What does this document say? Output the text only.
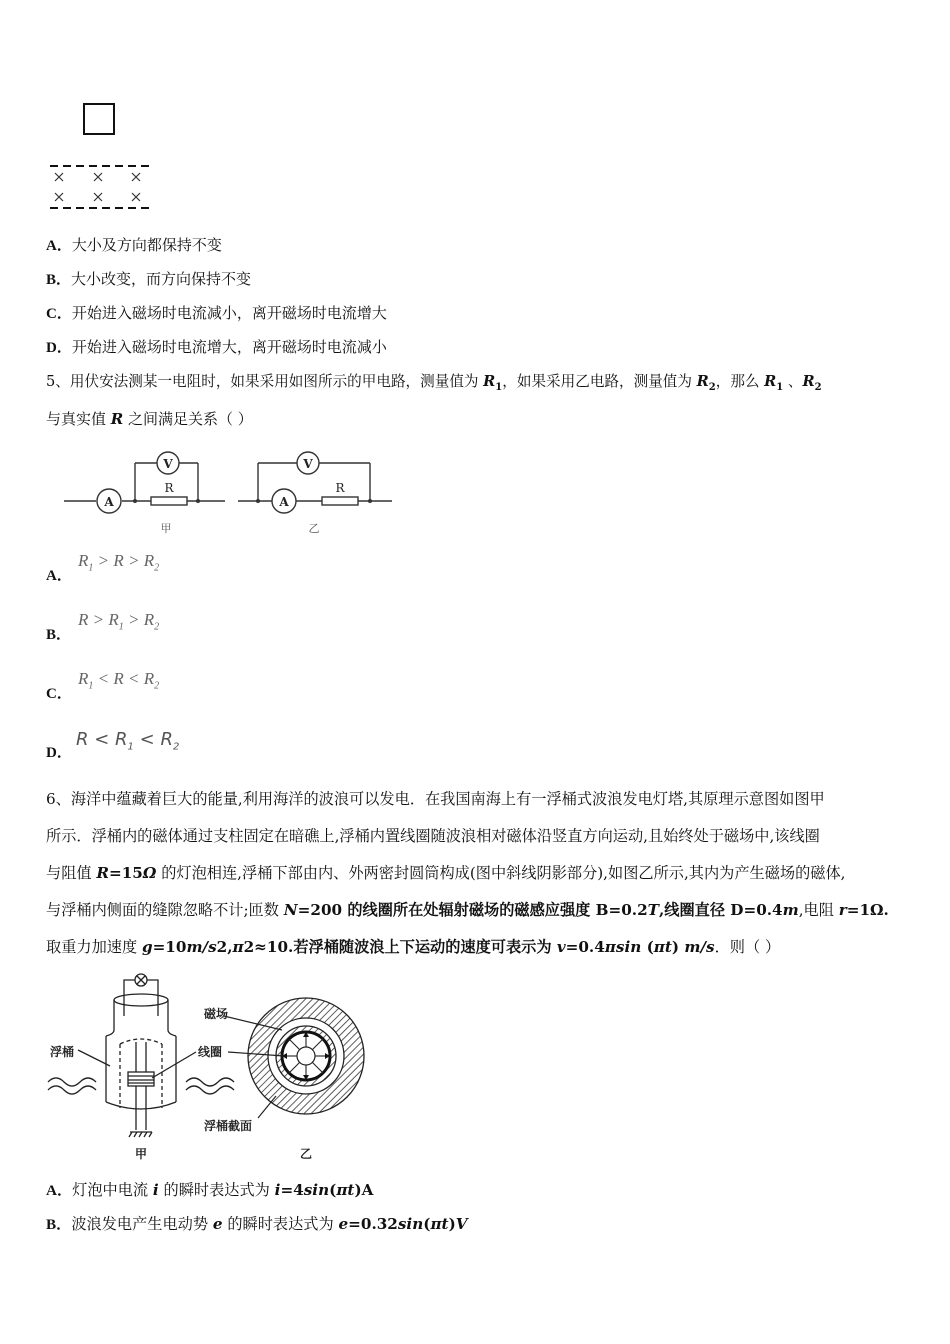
A．大小及方向都保持不变
B．大小改变，而方向保持不变
C．开始进入磁场时电流减小，离开磁场时电流增大
D．开始进入磁场时电流增大，离开磁场时电流减小
5、用伏安法测某一电阻时，如果采用如图所示的甲电路，测量值为 $R_1$，如果采用乙电路，测量值为 $R_2$，那么 $R_1$ 、$R_2$
与真实值 R 之间满足关系（ ）
A
V
R
甲
A
V
R
乙
A．
$R_1 > R > R_2$
B．
$R > R_1 > R_2$
C．
$R_1 < R < R_2$
D．
$R < R_1 < R_2$
6、海洋中蕴藏着巨大的能量,利用海洋的波浪可以发电．在我国南海上有一浮桶式波浪发电灯塔,其原理示意图如图甲
所示．浮桶内的磁体通过支柱固定在暗礁上,浮桶内置线圈随波浪相对磁体沿竖直方向运动,且始终处于磁场中,该线圈
与阻值 R=15Ω 的灯泡相连,浮桶下部由内、外两密封圆筒构成(图中斜线阴影部分),如图乙所示,其内为产生磁场的磁体,
与浮桶内侧面的缝隙忽略不计;匝数 N=200 的线圈所在处辐射磁场的磁感应强度 B=0.2T,线圈直径 D=0.4m,电阻 r=1Ω.
取重力加速度 g=10m/s2,π2≈10.若浮桶随波浪上下运动的速度可表示为 v=0.4πsin (πt) m/s．则（ ）
浮桶	线圈
甲
磁场
浮桶截面
乙
A．灯泡中电流 i 的瞬时表达式为 i=4sin(πt)A
B．波浪发电产生电动势 e 的瞬时表达式为 e=0.32sin(πt)V
